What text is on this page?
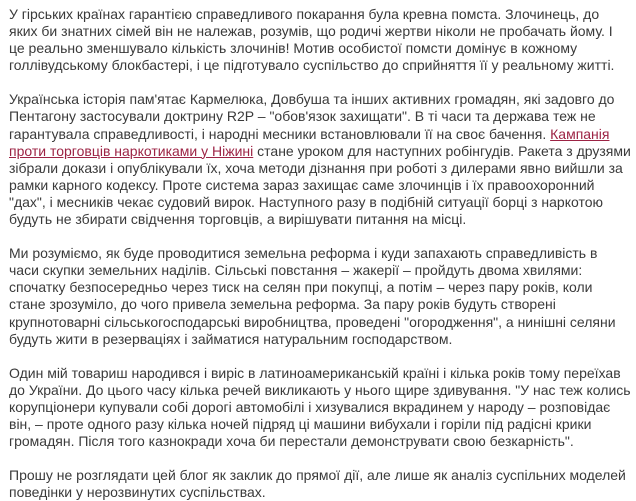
У гірських країнах гарантією справедливого покарання була кревна помста. Злочинець, до яких би знатних сімей він не належав, розумів, що родичі жертви ніколи не пробачать йому. І це реально зменшувало кількість злочинів! Мотив особистої помсти домінує в кожному голлівудському блокбастері, і це підготувало суспільство до сприйняття її у реальному житті.

Українська історія пам'ятає Кармелюка, Довбуша та інших активних громадян, які задовго до Пентагону застосували доктрину R2P – "обов'язок захищати". В ті часи та держава теж не гарантувала справедливості, і народні месники встановлювали її на своє бачення. Кампанія проти торговців наркотиками у Ніжині стане уроком для наступних робінгудів. Ракета з друзями зібрали докази і опублікували їх, хоча методи дізнання при роботі з дилерами явно вийшли за рамки карного кодексу. Проте система зараз захищає саме злочинців і їх правоохоронний "дах", і месників чекає судовий вирок. Наступного разу в подібній ситуації борці з наркотою будуть не збирати свідчення торговців, а вирішувати питання на місці.

Ми розуміємо, як буде проводитися земельна реформа і куди запахають справедливість в часи скупки земельних наділів. Сільські повстання – жакерії – пройдуть двома хвилями: спочатку безпосередньо через тиск на селян при покупці, а потім – через пару років, коли стане зрозуміло, до чого привела земельна реформа. За пару років будуть створені крупнотоварні сільськогосподарські виробництва, проведені "огородження", а нинішні селяни будуть жити в резерваціях і займатися натуральним господарством.

Один мій товариш народився і виріс в латиноамериканській країні і кілька років тому переїхав до України. До цього часу кілька речей викликають у нього щире здивування. "У нас теж колись корупціонери купували собі дорогі автомобілі і хизувалися вкрадинем у народу – розповідає він, – проте одного разу кілька ночей підряд ці машини вибухали і горіли під радісні крики громадян. Після того казнокради хоча би перестали демонструвати свою безкарність".

Прошу не розглядати цей блог як заклик до прямої дії, але лише як аналіз суспільних моделей поведінки у нерозвинутих суспільствах.
